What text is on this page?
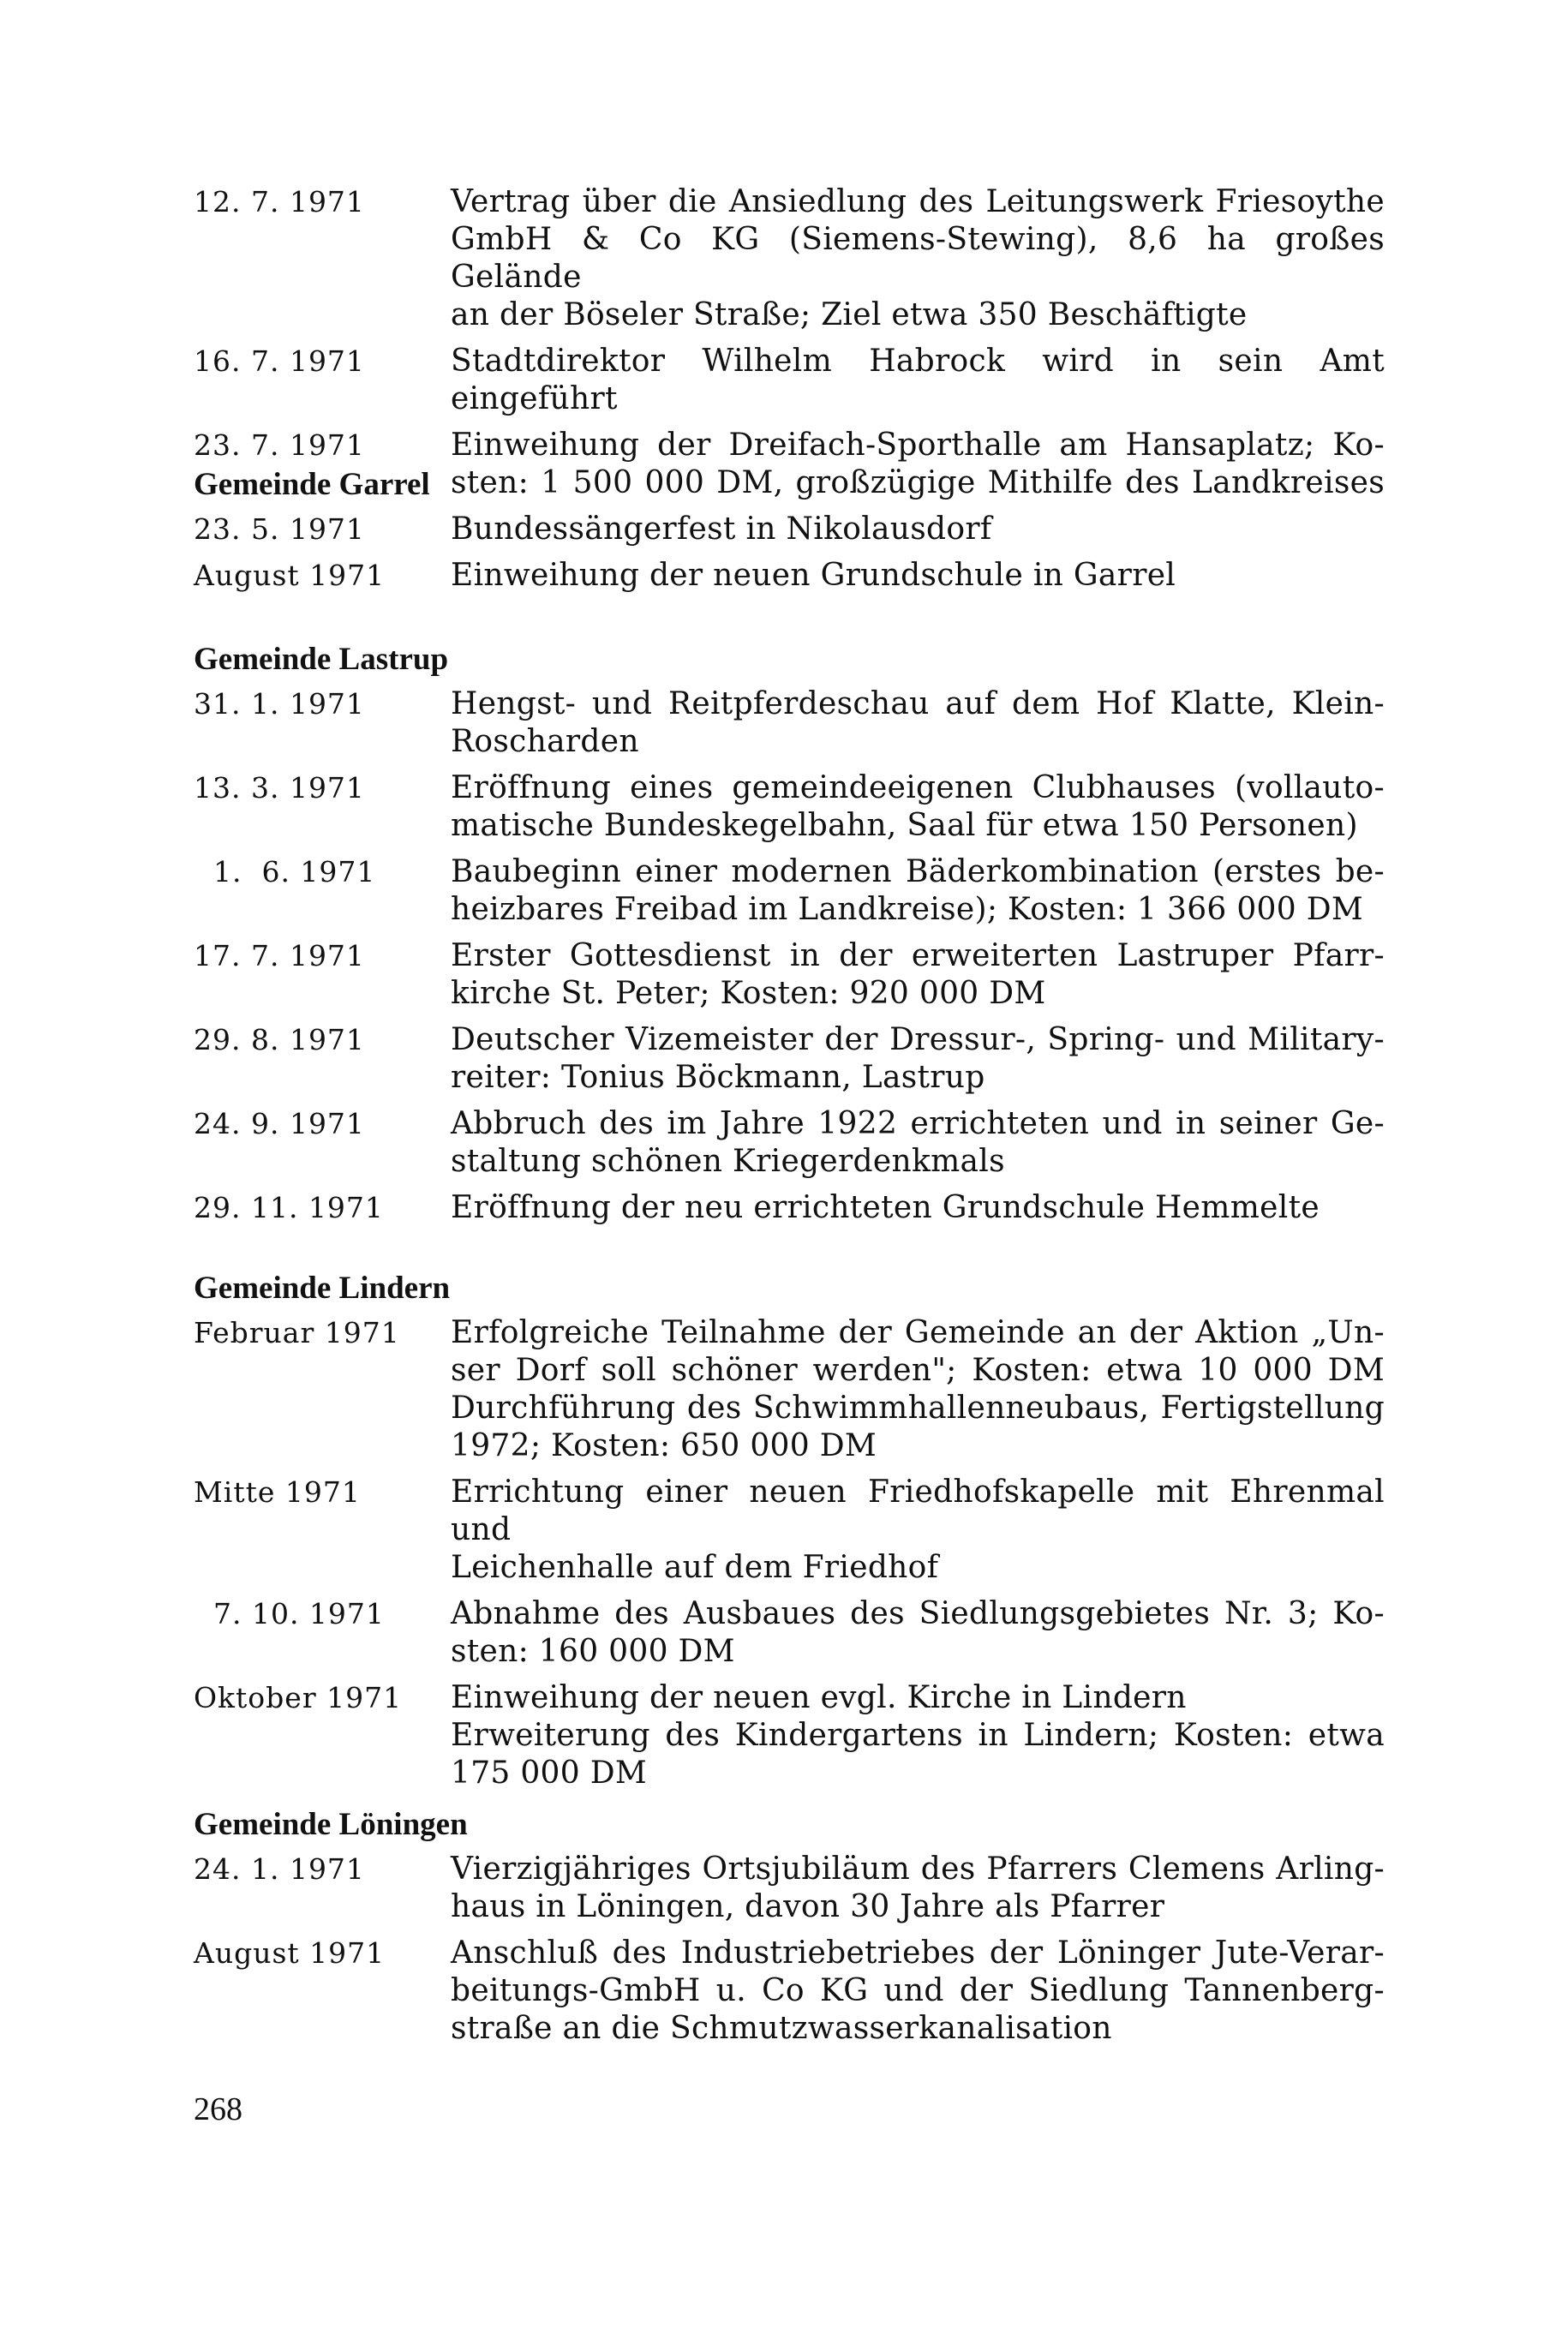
12. 7. 1971	Vertrag über die Ansiedlung des Leitungswerk Friesoythe
GmbH & Co KG (Siemens-Stewing), 8,6 ha großes Gelände
an der Böseler Straße; Ziel etwa 350 Beschäftigte
16. 7. 1971	Stadtdirektor Wilhelm Habrock wird in sein Amt eingeführt
23. 7. 1971	Einweihung der Dreifach-Sporthalle am Hansaplatz; Ko-
sten: 1 500 000 DM, großzügige Mithilfe des Landkreises
Gemeinde Garrel
23. 5. 1971	Bundessängerfest in Nikolausdorf
August 1971	Einweihung der neuen Grundschule in Garrel
Gemeinde Lastrup
31. 1. 1971	Hengst- und Reitpferdeschau auf dem Hof Klatte, Klein-
Roscharden
13. 3. 1971	Eröffnung eines gemeindeeigenen Clubhauses (vollauto-
matische Bundeskegelbahn, Saal für etwa 150 Personen)
1.  6. 1971	Baubeginn einer modernen Bäderkombination (erstes be-
heizbares Freibad im Landkreise); Kosten: 1 366 000 DM
17. 7. 1971	Erster Gottesdienst in der erweiterten Lastruper Pfarr-
kirche St. Peter; Kosten: 920 000 DM
29. 8. 1971	Deutscher Vizemeister der Dressur-, Spring- und Military-
reiter: Tonius Böckmann, Lastrup
24. 9. 1971	Abbruch des im Jahre 1922 errichteten und in seiner Ge-
staltung schönen Kriegerdenkmals
29. 11. 1971	Eröffnung der neu errichteten Grundschule Hemmelte
Gemeinde Lindern
Februar 1971	Erfolgreiche Teilnahme der Gemeinde an der Aktion „Un-
ser Dorf soll schöner werden"; Kosten: etwa 10 000 DM
Durchführung des Schwimmhallenneubaus, Fertigstellung
1972; Kosten: 650 000 DM
Mitte 1971	Errichtung einer neuen Friedhofskapelle mit Ehrenmal und
Leichenhalle auf dem Friedhof
7. 10. 1971	Abnahme des Ausbaues des Siedlungsgebietes Nr. 3; Ko-
sten: 160 000 DM
Oktober 1971	Einweihung der neuen evgl. Kirche in Lindern
Erweiterung des Kindergartens in Lindern; Kosten: etwa
175 000 DM
Gemeinde Löningen
24. 1. 1971	Vierzigjähriges Ortsjubiläum des Pfarrers Clemens Arling-
haus in Löningen, davon 30 Jahre als Pfarrer
August 1971	Anschluß des Industriebetriebes der Löninger Jute-Verar-
beitungs-GmbH u. Co KG und der Siedlung Tannenberg-
straße an die Schmutzwasserkanalisation
268
